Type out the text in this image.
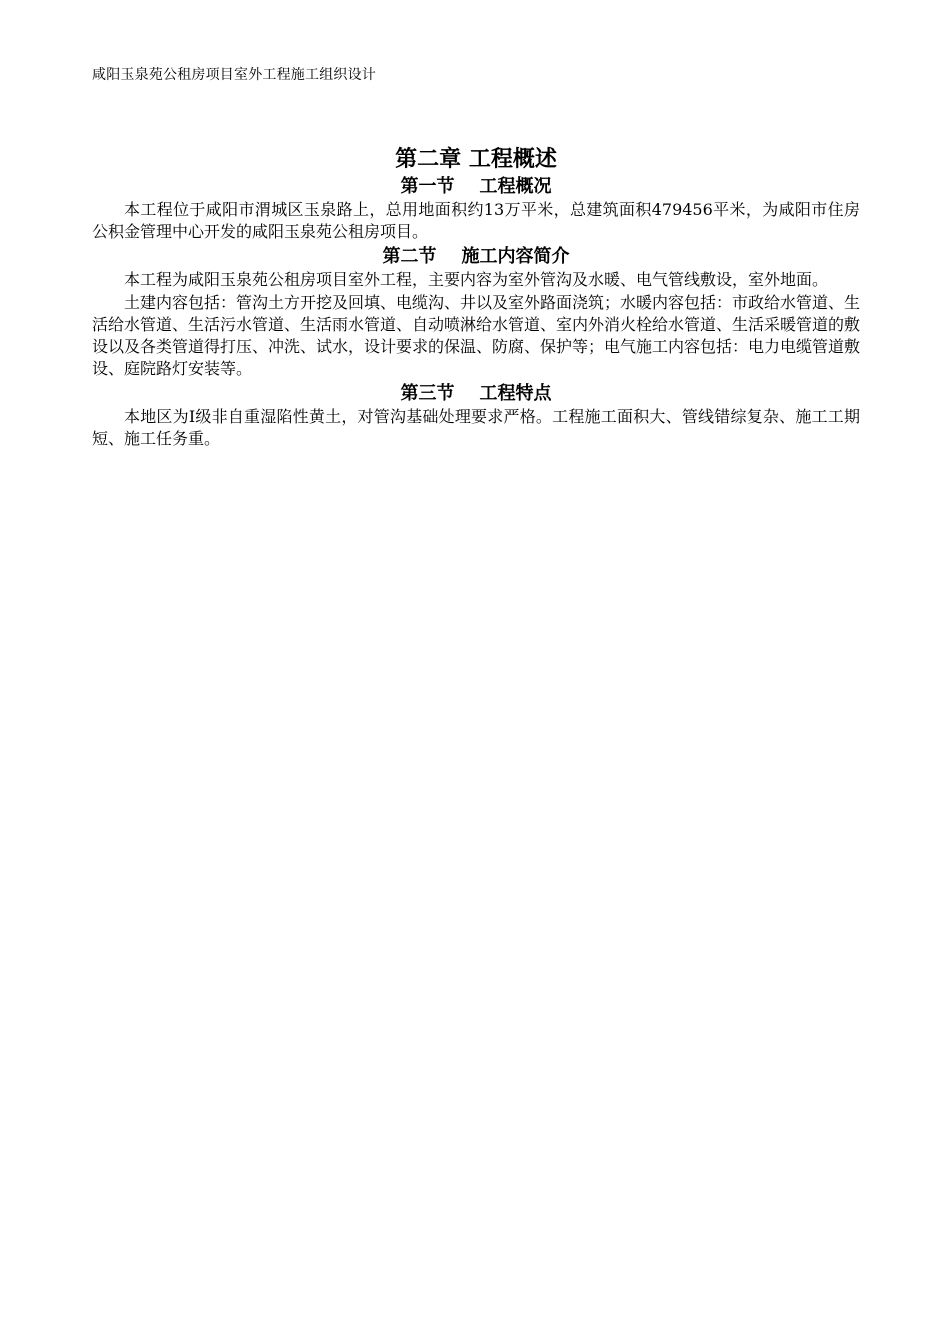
咸阳玉泉苑公租房项目室外工程施工组织设计
第二章 工程概述
第一节    工程概况

本工程位于咸阳市渭城区玉泉路上，总用地面积约13万平米，总建筑面积479456平米，为咸阳市住房公积金管理中心开发的咸阳玉泉苑公租房项目。

第二节    施工内容简介

本工程为咸阳玉泉苑公租房项目室外工程，主要内容为室外管沟及水暖、电气管线敷设，室外地面。

土建内容包括：管沟土方开挖及回填、电缆沟、井以及室外路面浇筑；水暖内容包括：市政给水管道、生活给水管道、生活污水管道、生活雨水管道、自动喷淋给水管道、室内外消火栓给水管道、生活采暖管道的敷设以及各类管道得打压、冲洗、试水，设计要求的保温、防腐、保护等；电气施工内容包括：电力电缆管道敷设、庭院路灯安装等。

第三节    工程特点

本地区为Ⅰ级非自重湿陷性黄土，对管沟基础处理要求严格。工程施工面积大、管线错综复杂、施工工期短、施工任务重。
